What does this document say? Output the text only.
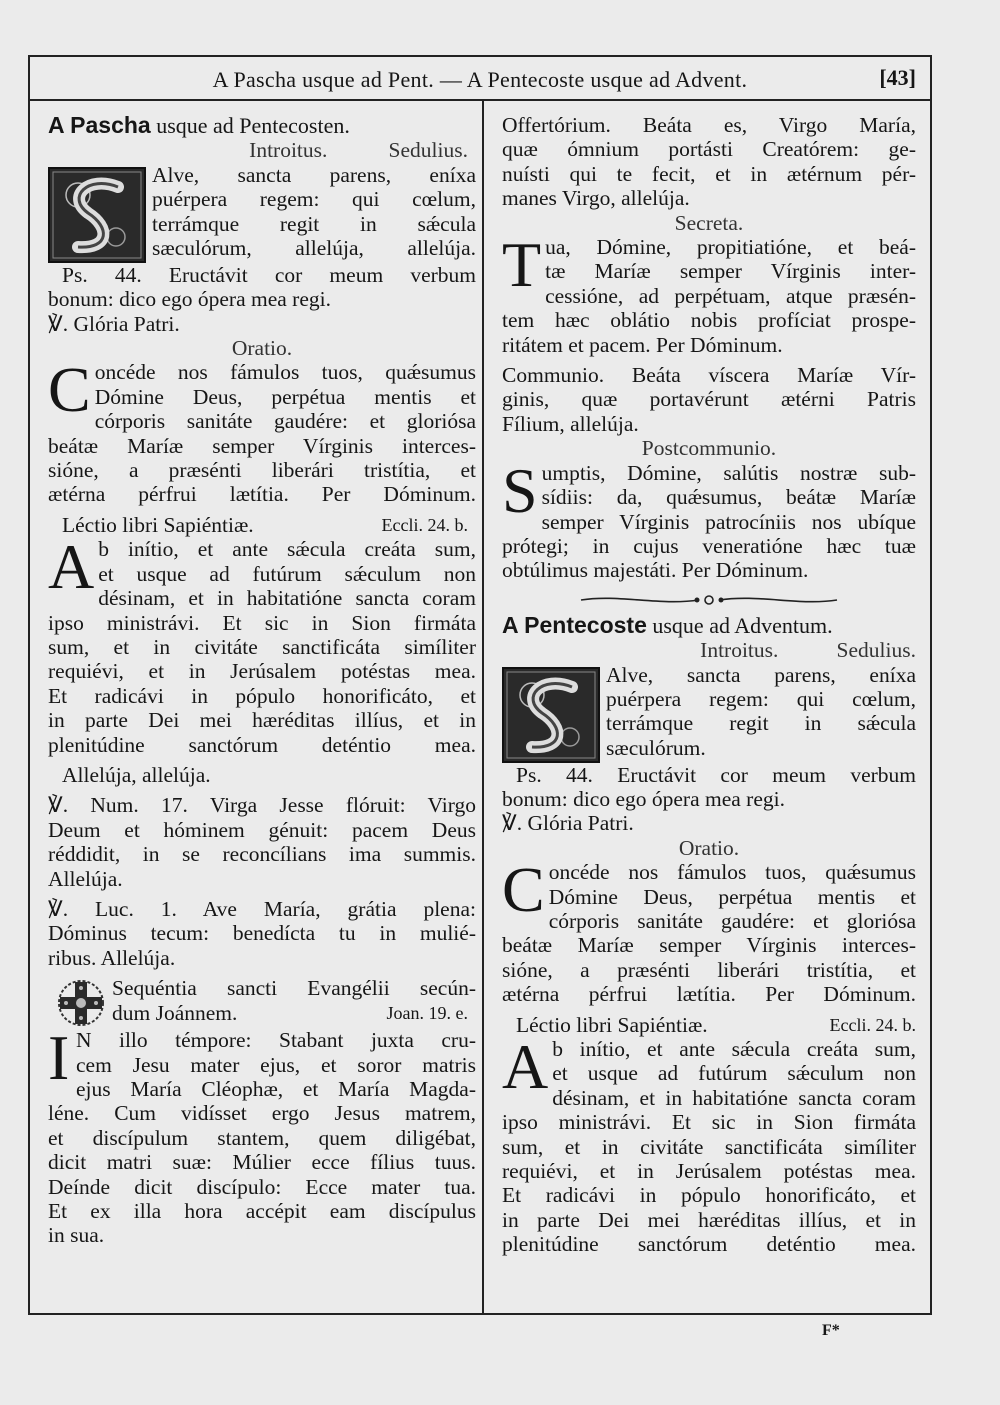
A Pascha usque ad Pent. — A Pentecoste usque ad Advent.	[43]

A Pascha usque ad Pentecosten.

Introitus.	Sedulius.

Alve, sancta parens, eníxa

puérpera regem: qui cœlum,

terrámque regit in sǽcula

sæculórum, allelúja, allelúja.

Ps. 44. Eructávit cor meum verbum

bonum: dico ego ópera mea regi.

℣. Glória Patri.

Oratio.

C oncéde nos fámulos tuos, quǽsumus

Dómine Deus, perpétua mentis et

córporis sanitáte gaudére: et gloriósa

beátæ Maríæ semper Vírginis interces-

sióne, a præsénti liberári tristítia, et

ætérna pérfrui lætítia. Per Dóminum.

Léctio libri Sapiéntiæ.	Eccli. 24. b.
A b inítio, et ante sǽcula creáta sum,

et usque ad futúrum sǽculum non

désinam, et in habitatióne sancta coram

ipso ministrávi. Et sic in Sion firmáta

sum, et in civitáte sanctificáta simíliter

requiévi, et in Jerúsalem potéstas mea.

Et radicávi in pópulo honorificáto, et

in parte Dei mei hæréditas illíus, et in

plenitúdine sanctórum deténtio mea.

Allelúja, allelúja.

℣. Num. 17. Virga Jesse flóruit: Virgo

Deum et hóminem génuit: pacem Deus

réddidit, in se reconcílians ima summis.

Allelúja.

℣. Luc. 1. Ave María, grátia plena:

Dóminus tecum: benedícta tu in mulié-

ribus. Allelúja.

Sequéntia sancti Evangélii secún-

dum Joánnem.	Joan. 19. e.
I N illo témpore: Stabant juxta cru-

cem Jesu mater ejus, et soror matris

ejus María Cléophæ, et María Magda-

léne. Cum vidísset ergo Jesus matrem,

et discípulum stantem, quem diligébat,

dicit matri suæ: Múlier ecce fílius tuus.

Deínde dicit discípulo: Ecce mater tua.

Et ex illa hora accépit eam discípulus

in sua.

Offertórium. Beáta es, Virgo María,

quæ ómnium portásti Creatórem: ge-

nuísti qui te fecit, et in ætérnum pér-

manes Virgo, allelúja.

Secreta.

T ua, Dómine, propitiatióne, et beá-

tæ Maríæ semper Vírginis inter-

cessióne, ad perpétuam, atque præsén-

tem hæc oblátio nobis profíciat prospe-

ritátem et pacem. Per Dóminum.

Communio. Beáta víscera Maríæ Vír-

ginis, quæ portavérunt ætérni Patris

Fílium, allelúja.

Postcommunio.

S umptis, Dómine, salútis nostræ sub-

sídiis: da, quǽsumus, beátæ Maríæ

semper Vírginis patrocíniis nos ubíque

prótegi; in cujus veneratióne hæc tuæ

obtúlimus majestáti. Per Dóminum.

A Pentecoste usque ad Adventum.

Introitus.	Sedulius.

Alve, sancta parens, eníxa

puérpera regem: qui cœlum,

terrámque regit in sǽcula

sæculórum.

Ps. 44. Eructávit cor meum verbum

bonum: dico ego ópera mea regi.

℣. Glória Patri.

Oratio.

C oncéde nos fámulos tuos, quǽsumus

Dómine Deus, perpétua mentis et

córporis sanitáte gaudére: et gloriósa

beátæ Maríæ semper Vírginis interces-

sióne, a præsénti liberári tristítia, et

ætérna pérfrui lætítia. Per Dóminum.

Léctio libri Sapiéntiæ.	Eccli. 24. b.
A b inítio, et ante sǽcula creáta sum,

et usque ad futúrum sǽculum non

désinam, et in habitatióne sancta coram

ipso ministrávi. Et sic in Sion firmáta

sum, et in civitáte sanctificáta simíliter

requiévi, et in Jerúsalem potéstas mea.

Et radicávi in pópulo honorificáto, et

in parte Dei mei hæréditas illíus, et in

plenitúdine sanctórum deténtio mea.

F*
